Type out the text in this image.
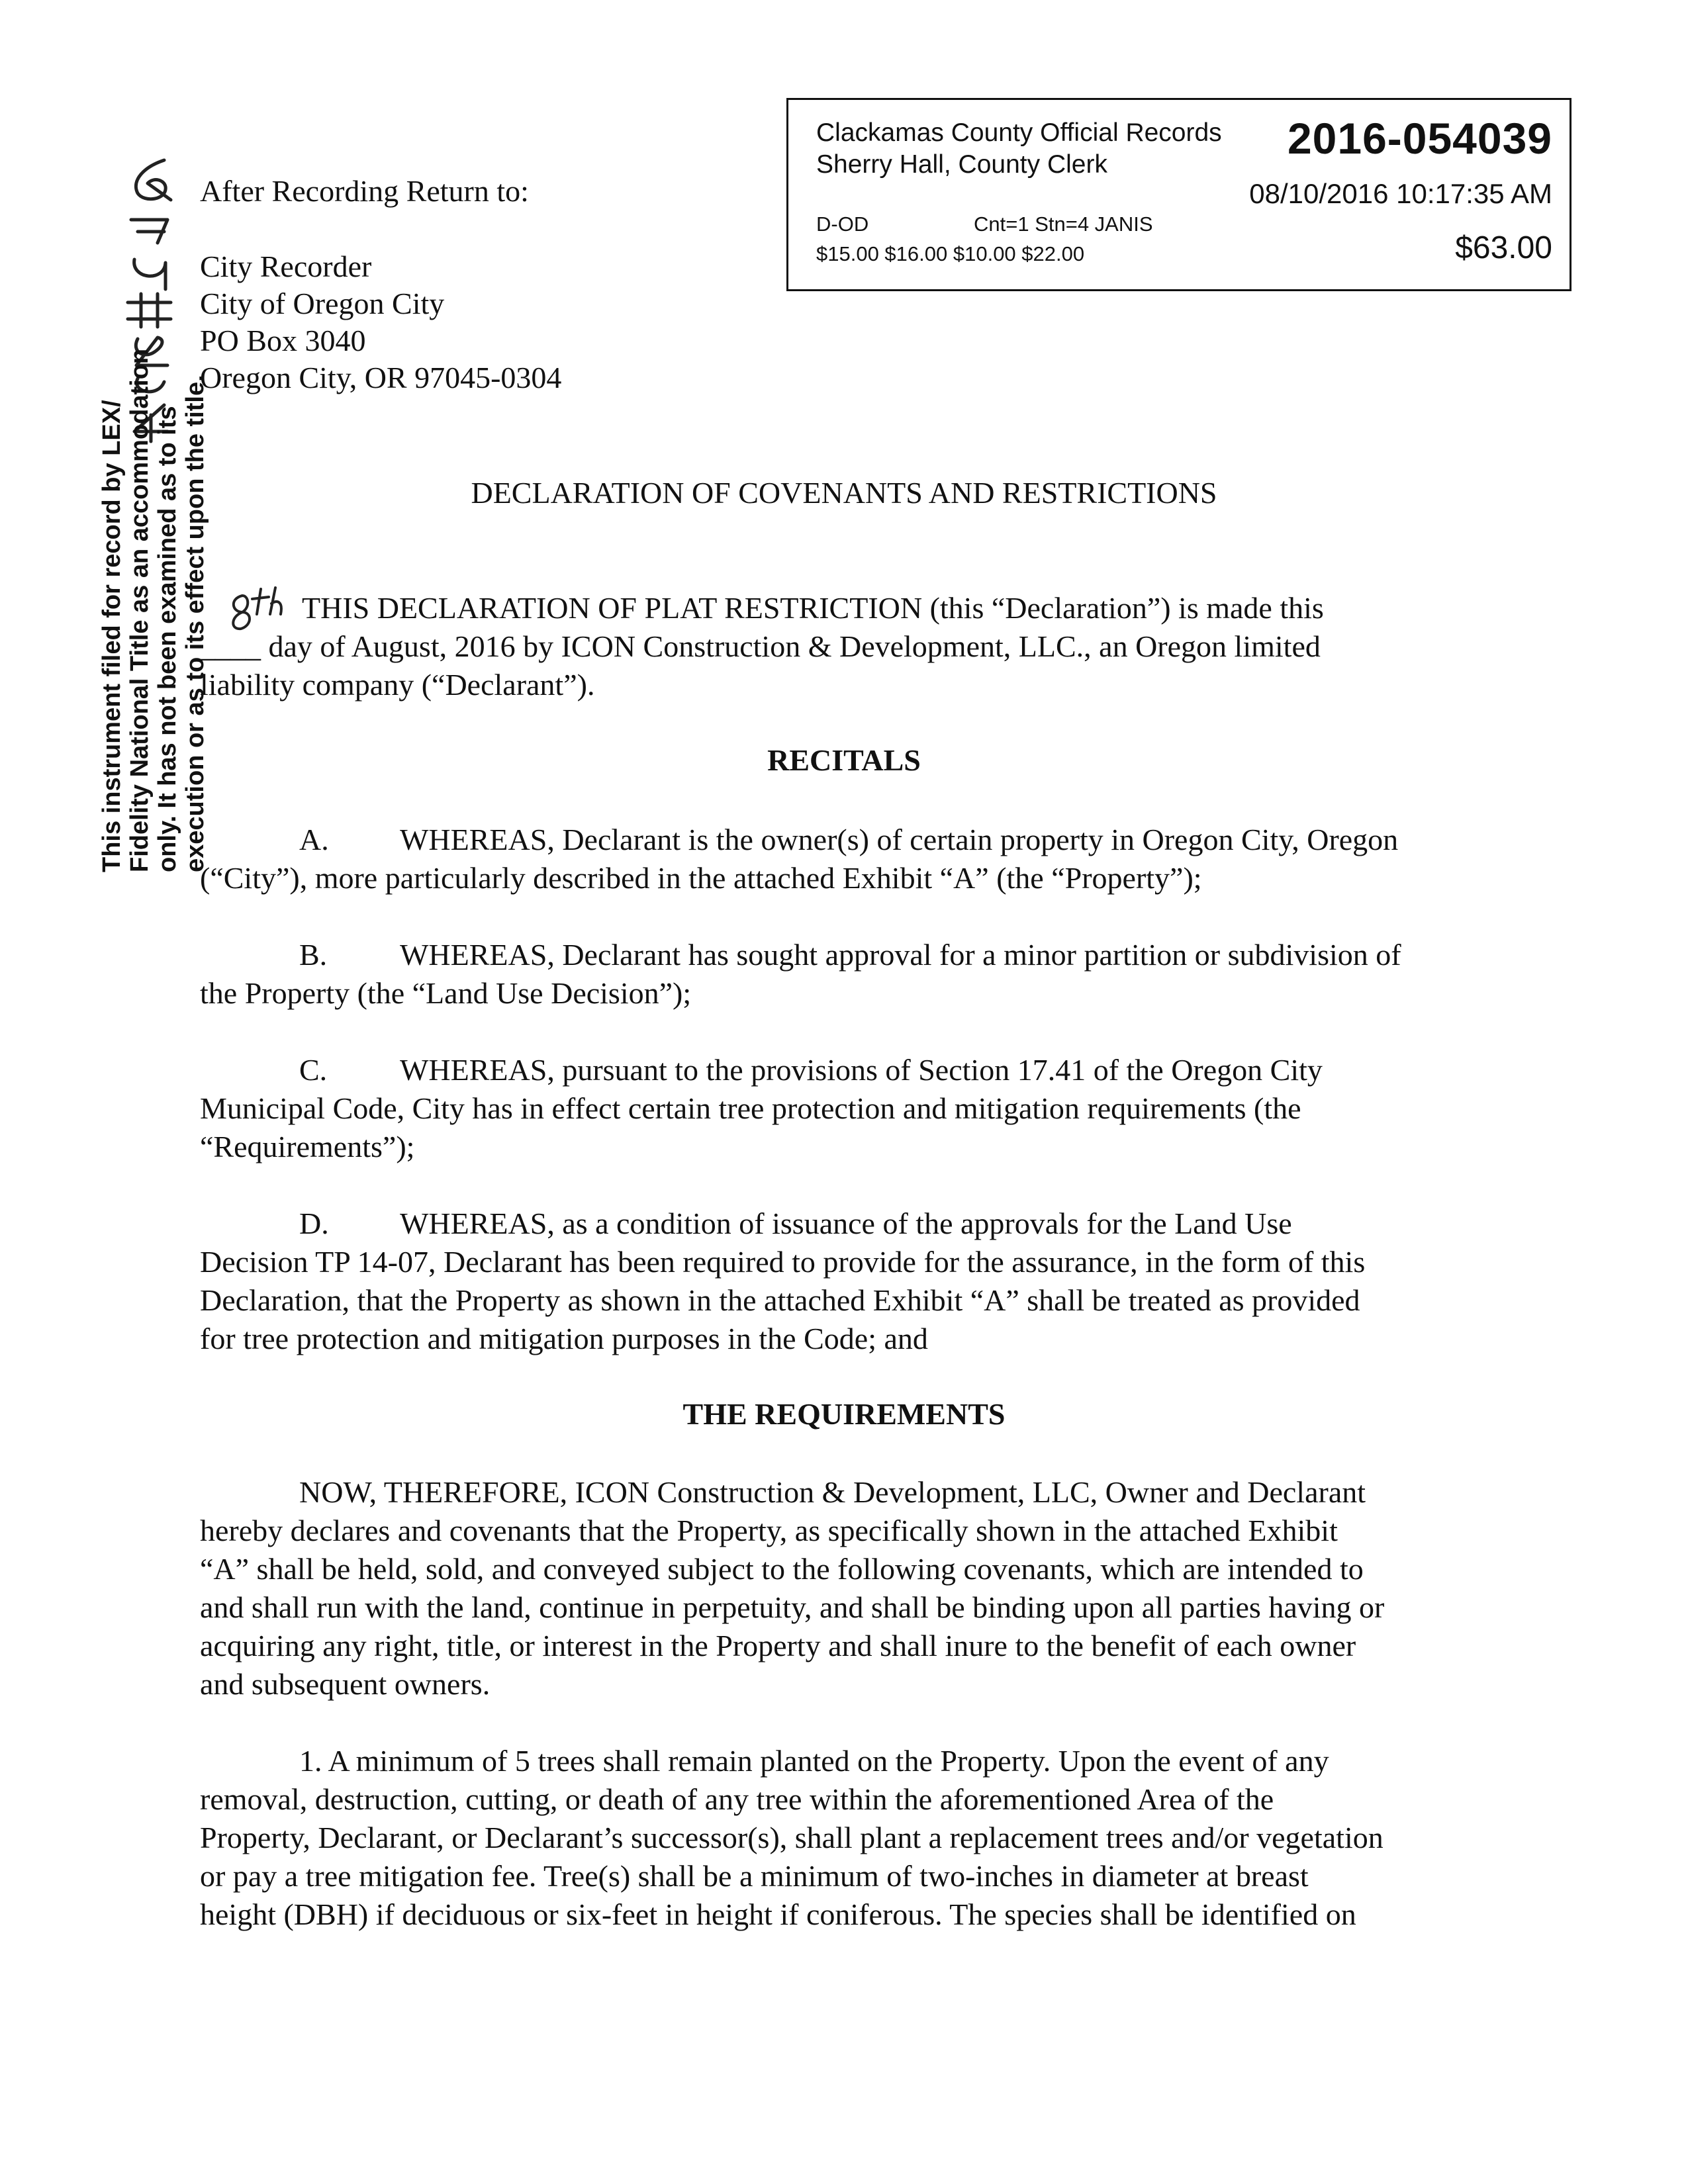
Clackamas County Official Records
Sherry Hall, County Clerk
2016-054039
08/10/2016 10:17:35 AM
D-OD	Cnt=1 Stn=4 JANIS
$15.00 $16.00 $10.00 $22.00	$63.00
After Recording Return to:
City Recorder
City of Oregon City
PO Box 3040
Oregon City, OR 97045-0304
This instrument filed for record by LEX/ Fidelity National Title as an accommodation only. It has not been examined as to its execution or as to its effect upon the title.	DECLARATION OF COVENANTS AND RESTRICTIONS
THIS DECLARATION OF PLAT RESTRICTION (this “Declaration”) is made this
____ day of August, 2016 by ICON Construction & Development, LLC., an Oregon limited
liability company (“Declarant”).
RECITALS
A. WHEREAS, Declarant is the owner(s) of certain property in Oregon City, Oregon
(“City”), more particularly described in the attached Exhibit “A” (the “Property”);
B. WHEREAS, Declarant has sought approval for a minor partition or subdivision of
the Property (the “Land Use Decision”);
C. WHEREAS, pursuant to the provisions of Section 17.41 of the Oregon City
Municipal Code, City has in effect certain tree protection and mitigation requirements (the
“Requirements”);
D. WHEREAS, as a condition of issuance of the approvals for the Land Use
Decision TP 14-07, Declarant has been required to provide for the assurance, in the form of this
Declaration, that the Property as shown in the attached Exhibit “A” shall be treated as provided
for tree protection and mitigation purposes in the Code; and
THE REQUIREMENTS
NOW, THEREFORE, ICON Construction & Development, LLC, Owner and Declarant
hereby declares and covenants that the Property, as specifically shown in the attached Exhibit
“A” shall be held, sold, and conveyed subject to the following covenants, which are intended to
and shall run with the land, continue in perpetuity, and shall be binding upon all parties having or
acquiring any right, title, or interest in the Property and shall inure to the benefit of each owner
and subsequent owners.
1. A minimum of 5 trees shall remain planted on the Property. Upon the event of any
removal, destruction, cutting, or death of any tree within the aforementioned Area of the
Property, Declarant, or Declarant’s successor(s), shall plant a replacement trees and/or vegetation
or pay a tree mitigation fee. Tree(s) shall be a minimum of two-inches in diameter at breast
height (DBH) if deciduous or six-feet in height if coniferous. The species shall be identified on
